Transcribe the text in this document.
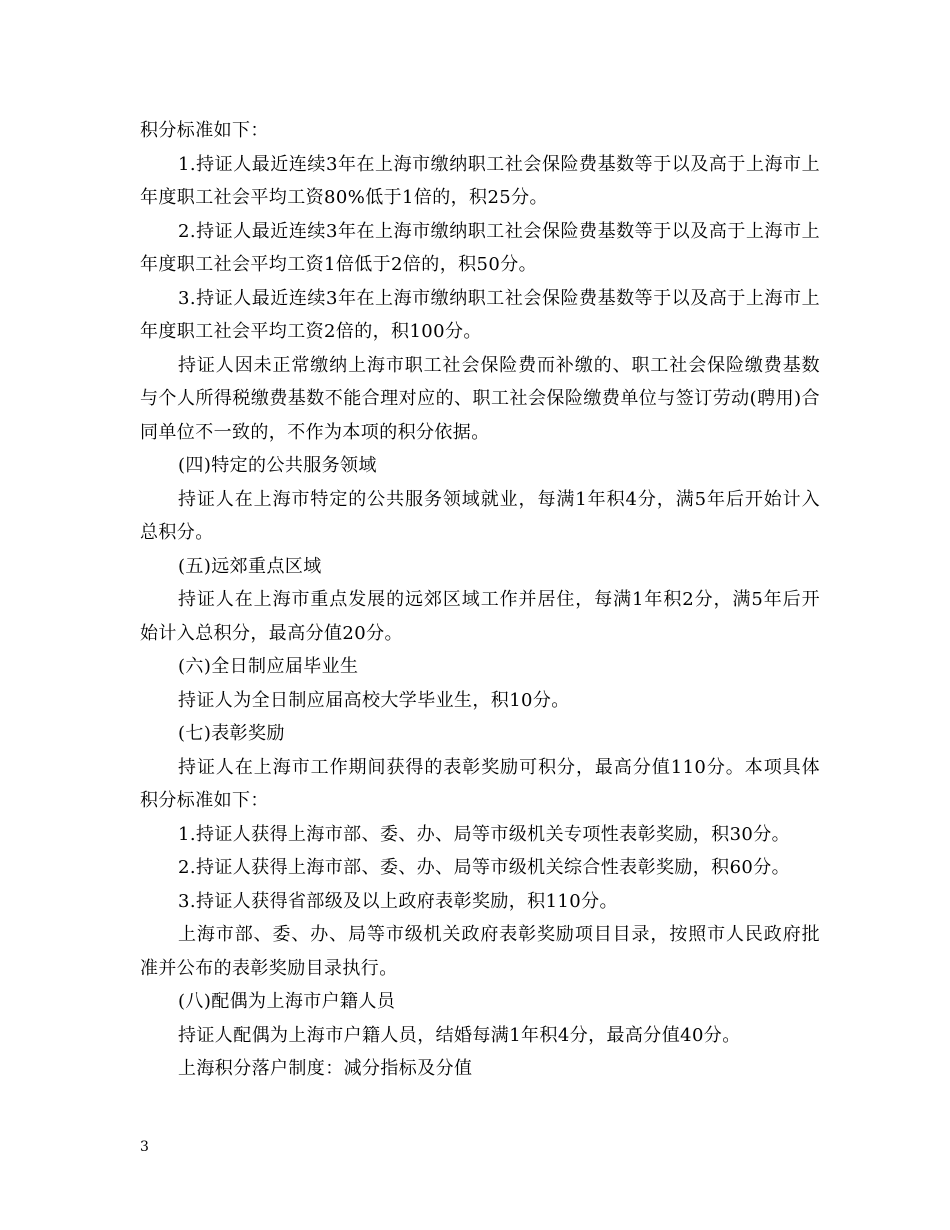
积分标准如下：

1.持证人最近连续3年在上海市缴纳职工社会保险费基数等于以及高于上海市上年度职工社会平均工资80%低于1倍的，积25分。

2.持证人最近连续3年在上海市缴纳职工社会保险费基数等于以及高于上海市上年度职工社会平均工资1倍低于2倍的，积50分。

3.持证人最近连续3年在上海市缴纳职工社会保险费基数等于以及高于上海市上年度职工社会平均工资2倍的，积100分。

持证人因未正常缴纳上海市职工社会保险费而补缴的、职工社会保险缴费基数与个人所得税缴费基数不能合理对应的、职工社会保险缴费单位与签订劳动(聘用)合同单位不一致的，不作为本项的积分依据。

(四)特定的公共服务领域

持证人在上海市特定的公共服务领域就业，每满1年积4分，满5年后开始计入总积分。

(五)远郊重点区域

持证人在上海市重点发展的远郊区域工作并居住，每满1年积2分，满5年后开始计入总积分，最高分值20分。

(六)全日制应届毕业生

持证人为全日制应届高校大学毕业生，积10分。

(七)表彰奖励

持证人在上海市工作期间获得的表彰奖励可积分，最高分值110分。本项具体积分标准如下：

1.持证人获得上海市部、委、办、局等市级机关专项性表彰奖励，积30分。

2.持证人获得上海市部、委、办、局等市级机关综合性表彰奖励，积60分。

3.持证人获得省部级及以上政府表彰奖励，积110分。

上海市部、委、办、局等市级机关政府表彰奖励项目目录，按照市人民政府批准并公布的表彰奖励目录执行。

(八)配偶为上海市户籍人员

持证人配偶为上海市户籍人员，结婚每满1年积4分，最高分值40分。

上海积分落户制度：减分指标及分值

3
